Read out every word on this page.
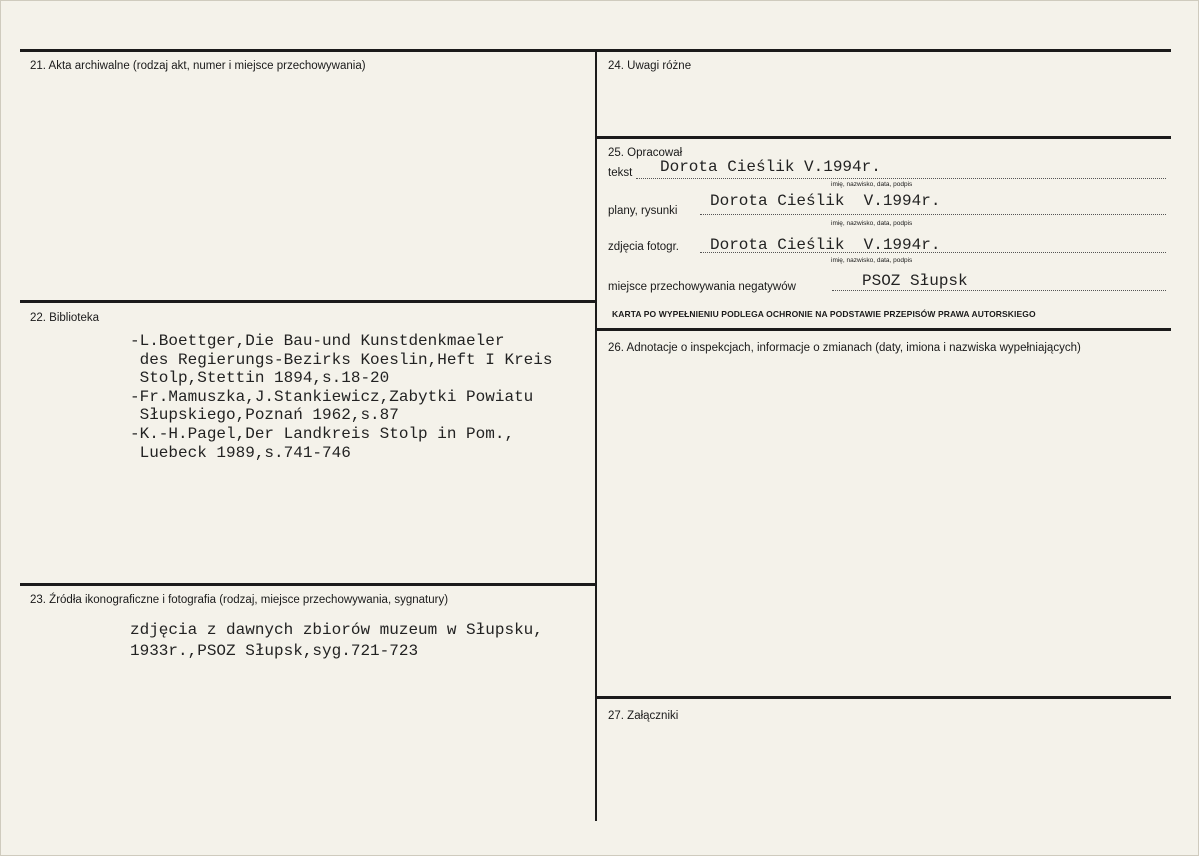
21. Akta archiwalne (rodzaj akt, numer i miejsce przechowywania)
22. Biblioteka
-L.Boettger,Die Bau-und Kunstdenkmaeler
des Regierungs-Bezirks Koeslin,Heft I Kreis
Stolp,Stettin 1894,s.18-20
-Fr.Mamuszka,J.Stankiewicz,Zabytki Powiatu
Słupskiego,Poznań 1962,s.87
-K.-H.Pagel,Der Landkreis Stolp in Pom.,
Luebeck 1989,s.741-746
23. Źródła ikonograficzne i fotografia (rodzaj, miejsce przechowywania, sygnatury)
zdjęcia z dawnych zbiorów muzeum w Słupsku,
1933r.,PSOZ Słupsk,syg.721-723
24. Uwagi różne
25. Opracował
tekst Dorota Cieślik V.1994r.
imię, nazwisko, data, podpis
plany, rysunki
Dorota Cieślik  V.1994r.
imię, nazwisko, data, podpis
zdjęcia fotogr. Dorota Cieślik  V.1994r.
imię, nazwisko, data, podpis
miejsce przechowywania negatywów	PSOZ Słupsk
KARTA PO WYPEŁNIENIU PODLEGA OCHRONIE NA PODSTAWIE PRZEPISÓW PRAWA AUTORSKIEGO
26. Adnotacje o inspekcjach, informacje o zmianach (daty, imiona i nazwiska wypełniających)
27. Załączniki
